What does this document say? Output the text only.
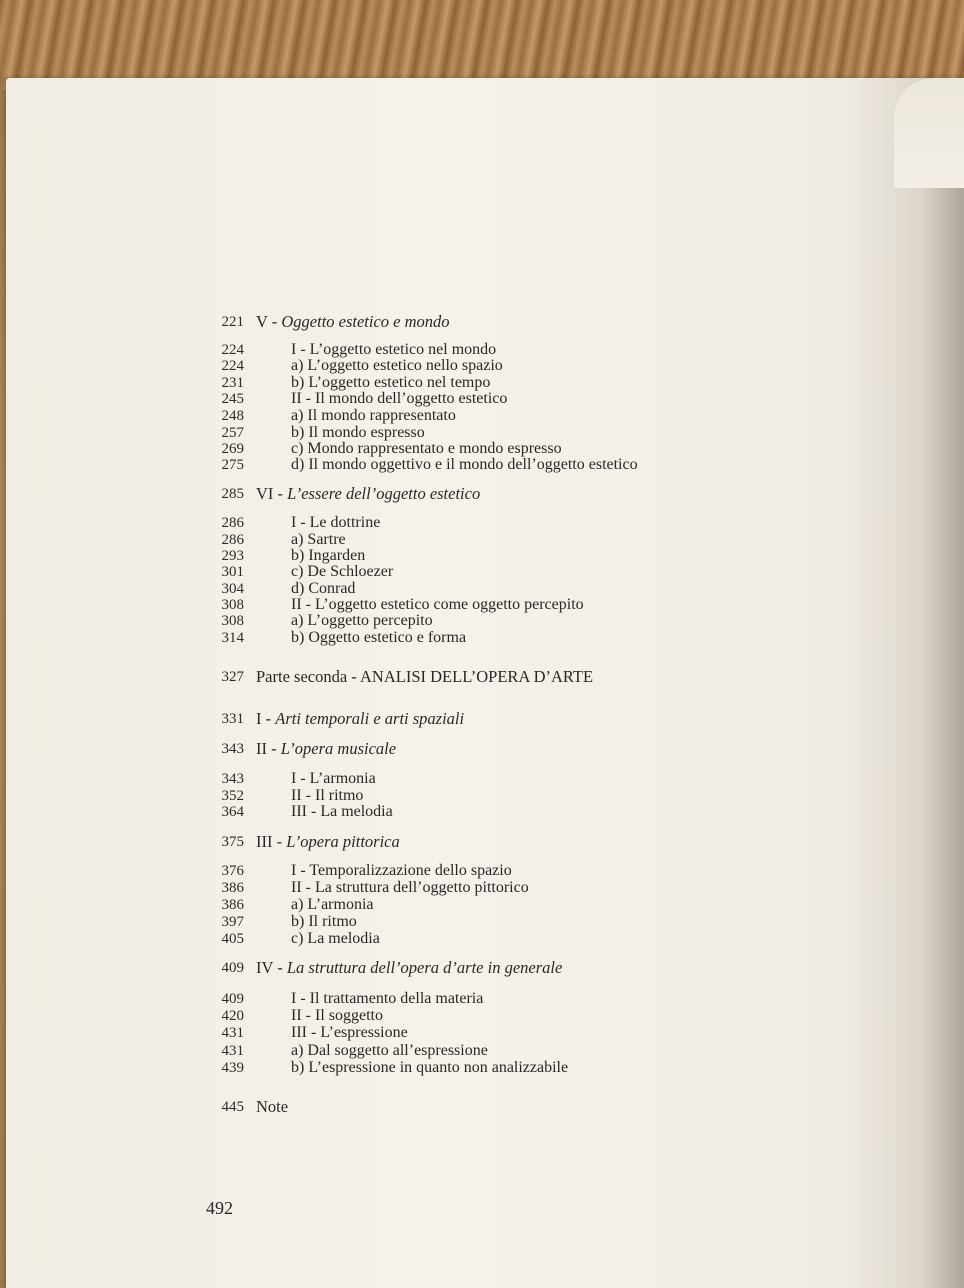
221 V - Oggetto estetico e mondo
224	I - L’oggetto estetico nel mondo
224	a) L’oggetto estetico nello spazio
231	b) L’oggetto estetico nel tempo
245	II - Il mondo dell’oggetto estetico
248	a) Il mondo rappresentato
257	b) Il mondo espresso
269	c) Mondo rappresentato e mondo espresso
275	d) Il mondo oggettivo e il mondo dell’oggetto estetico
285 VI - L’essere dell’oggetto estetico
286	I - Le dottrine
286	a) Sartre
293	b) Ingarden
301	c) De Schloezer
304	d) Conrad
308	II - L’oggetto estetico come oggetto percepito
308	a) L’oggetto percepito
314	b) Oggetto estetico e forma
327 Parte seconda - ANALISI DELL’OPERA D’ARTE
331 I - Arti temporali e arti spaziali
343 II - L’opera musicale
343	I - L’armonia
352	II - Il ritmo
364	III - La melodia
375 III - L’opera pittorica
376	I - Temporalizzazione dello spazio
386	II - La struttura dell’oggetto pittorico
386	a) L’armonia
397	b) Il ritmo
405	c) La melodia
409 IV - La struttura dell’opera d’arte in generale
409	I - Il trattamento della materia
420	II - Il soggetto
431	III - L’espressione
431	a) Dal soggetto all’espressione
439	b) L’espressione in quanto non analizzabile
445 Note
492
